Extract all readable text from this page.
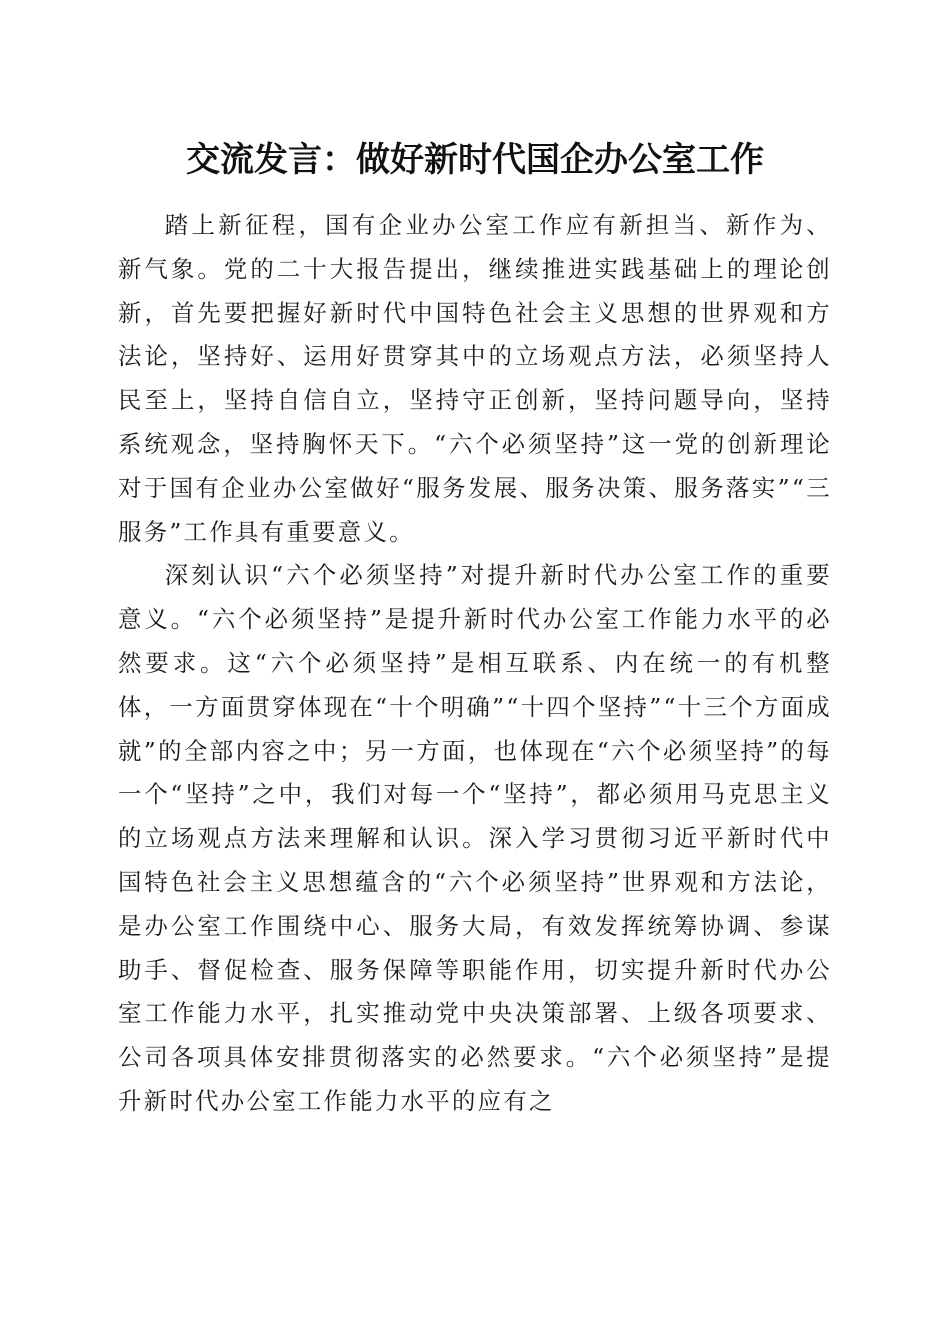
交流发言：做好新时代国企办公室工作

踏上新征程，国有企业办公室工作应有新担当、新作为、新气象。党的二十大报告提出，继续推进实践基础上的理论创新，首先要把握好新时代中国特色社会主义思想的世界观和方法论，坚持好、运用好贯穿其中的立场观点方法，必须坚持人民至上，坚持自信自立，坚持守正创新，坚持问题导向，坚持系统观念，坚持胸怀天下。“六个必须坚持”这一党的创新理论对于国有企业办公室做好“服务发展、服务决策、服务落实”“三服务”工作具有重要意义。

深刻认识“六个必须坚持”对提升新时代办公室工作的重要意义。“六个必须坚持”是提升新时代办公室工作能力水平的必然要求。这“六个必须坚持”是相互联系、内在统一的有机整体，一方面贯穿体现在“十个明确”“十四个坚持”“十三个方面成就”的全部内容之中；另一方面，也体现在“六个必须坚持”的每一个“坚持”之中，我们对每一个“坚持”，都必须用马克思主义的立场观点方法来理解和认识。深入学习贯彻习近平新时代中国特色社会主义思想蕴含的“六个必须坚持”世界观和方法论，是办公室工作围绕中心、服务大局，有效发挥统筹协调、参谋助手、督促检查、服务保障等职能作用，切实提升新时代办公室工作能力水平，扎实推动党中央决策部署、上级各项要求、公司各项具体安排贯彻落实的必然要求。“六个必须坚持”是提升新时代办公室工作能力水平的应有之
